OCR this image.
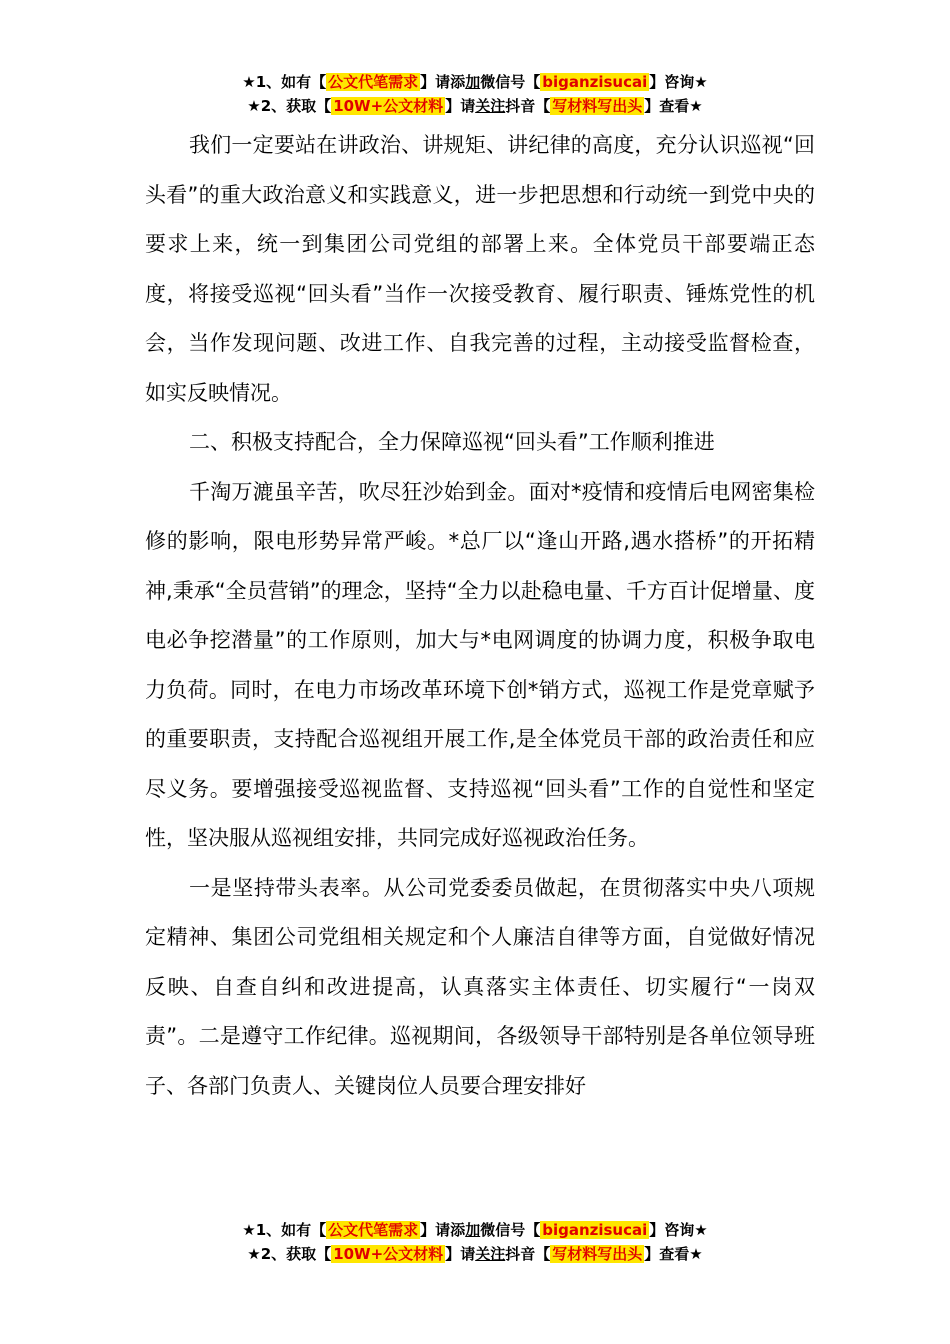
★1、如有【 公文代笔需求 】请添加微信号【 biganzisucai 】咨询★
★2、获取【 10W+公文材料 】请关注抖音【 写材料写出头 】查看★

我们一定要站在讲政治、讲规矩、讲纪律的高度，充分认识巡视“回头看”的重大政治意义和实践意义，进一步把思想和行动统一到党中央的要求上来，统一到集团公司党组的部署上来。全体党员干部要端正态度，将接受巡视“回头看”当作一次接受教育、履行职责、锤炼党性的机会，当作发现问题、改进工作、自我完善的过程，主动接受监督检查，如实反映情况。

二、积极支持配合，全力保障巡视“回头看”工作顺利推进

千淘万漉虽辛苦，吹尽狂沙始到金。面对*疫情和疫情后电网密集检修的影响，限电形势异常严峻。*总厂以“逢山开路,遇水搭桥”的开拓精神,秉承“全员营销”的理念，坚持“全力以赴稳电量、千方百计促增量、度电必争挖潜量”的工作原则，加大与*电网调度的协调力度，积极争取电力负荷。同时，在电力市场改革环境下创*销方式，巡视工作是党章赋予的重要职责，支持配合巡视组开展工作,是全体党员干部的政治责任和应尽义务。要增强接受巡视监督、支持巡视“回头看”工作的自觉性和坚定性，坚决服从巡视组安排，共同完成好巡视政治任务。

一是坚持带头表率。从公司党委委员做起，在贯彻落实中央八项规定精神、集团公司党组相关规定和个人廉洁自律等方面，自觉做好情况反映、自查自纠和改进提高，认真落实主体责任、切实履行“一岗双责”。二是遵守工作纪律。巡视期间，各级领导干部特别是各单位领导班子、各部门负责人、关键岗位人员要合理安排好

★1、如有【 公文代笔需求 】请添加微信号【 biganzisucai 】咨询★
★2、获取【 10W+公文材料 】请关注抖音【 写材料写出头 】查看★
